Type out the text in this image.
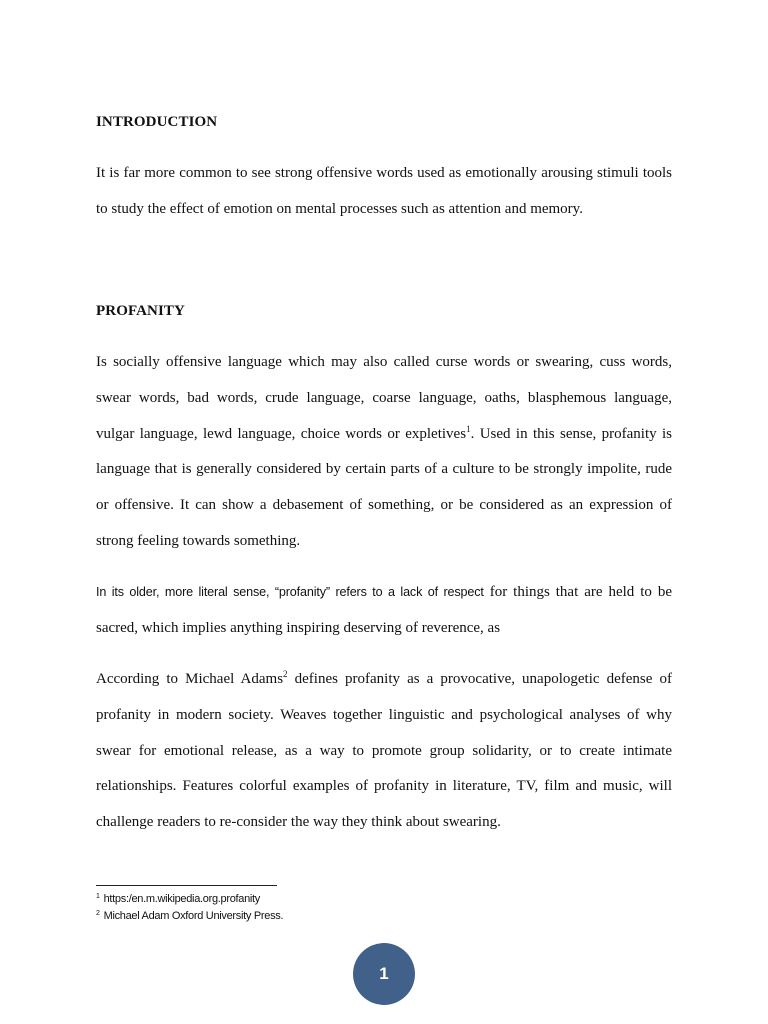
INTRODUCTION
It is far more common to see strong offensive words used as emotionally arousing stimuli tools to study the effect of emotion on mental processes such as attention and memory.
PROFANITY
Is socially offensive language which may also called curse words or swearing, cuss words, swear words, bad words, crude language, coarse language, oaths, blasphemous language, vulgar language, lewd language, choice words or expletives$^1$. Used in this sense, profanity is language that is generally considered by certain parts of a culture to be strongly impolite, rude or offensive. It can show a debasement of something, or be considered as an expression of strong feeling towards something.
In its older, more literal sense, “profanity” refers to a lack of respect for things that are held to be sacred, which implies anything inspiring deserving of reverence, as
According to Michael Adams$^2$ defines profanity as a provocative, unapologetic defense of profanity in modern society. Weaves together linguistic and psychological analyses of why swear for emotional release, as a way to promote group solidarity, or to create intimate relationships. Features colorful examples of profanity in literature, TV, film and music, will challenge readers to re-consider the way they think about swearing.
$^1$ https:/en.m.wikipedia.org.profanity
$^2$ Michael Adam Oxford University Press.
1
